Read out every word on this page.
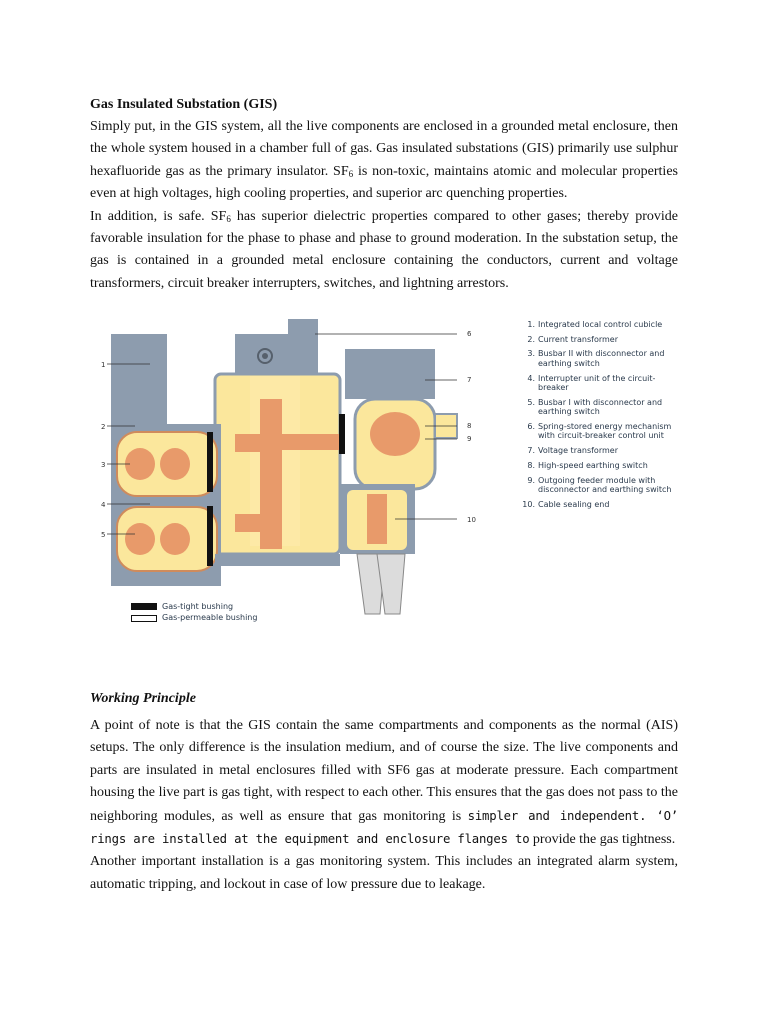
Gas Insulated Substation (GIS)

Simply put, in the GIS system, all the live components are enclosed in a grounded metal enclosure, then the whole system housed in a chamber full of gas. Gas insulated substations (GIS) primarily use sulphur hexafluoride gas as the primary insulator. $SF_6$ is non-toxic, maintains atomic and molecular properties even at high voltages, high cooling properties, and superior arc quenching properties.

In addition, is safe. $SF_6$ has superior dielectric properties compared to other gases; thereby provide favorable insulation for the phase to phase and phase to ground moderation. In the substation setup, the gas is contained in a grounded metal enclosure containing the conductors, current and voltage transformers, circuit breaker interrupters, switches, and lightning arrestors.

1
2
3
4
5
6
7
8
9
10
1. Integrated local control cubicle
2. Current transformer
3. Busbar II with disconnector and earthing switch
4. Interrupter unit of the circuit-breaker
5. Busbar I with disconnector and earthing switch
6. Spring-stored energy mechanism with circuit-breaker control unit
7. Voltage transformer
8. High-speed earthing switch
9. Outgoing feeder module with disconnector and earthing switch
10. Cable sealing end
Gas-tight bushing
Gas-permeable bushing

Working Principle

A point of note is that the GIS contain the same compartments and components as the normal (AIS) setups. The only difference is the insulation medium, and of course the size. The live components and parts are insulated in metal enclosures filled with SF6 gas at moderate pressure. Each compartment housing the live part is gas tight, with respect to each other. This ensures that the gas does not pass to the neighboring modules, as well as ensure that gas monitoring is simpler and independent. ‘O’ rings are installed at the equipment and enclosure flanges to provide the gas tightness.

Another important installation is a gas monitoring system. This includes an integrated alarm system, automatic tripping, and lockout in case of low pressure due to leakage.
